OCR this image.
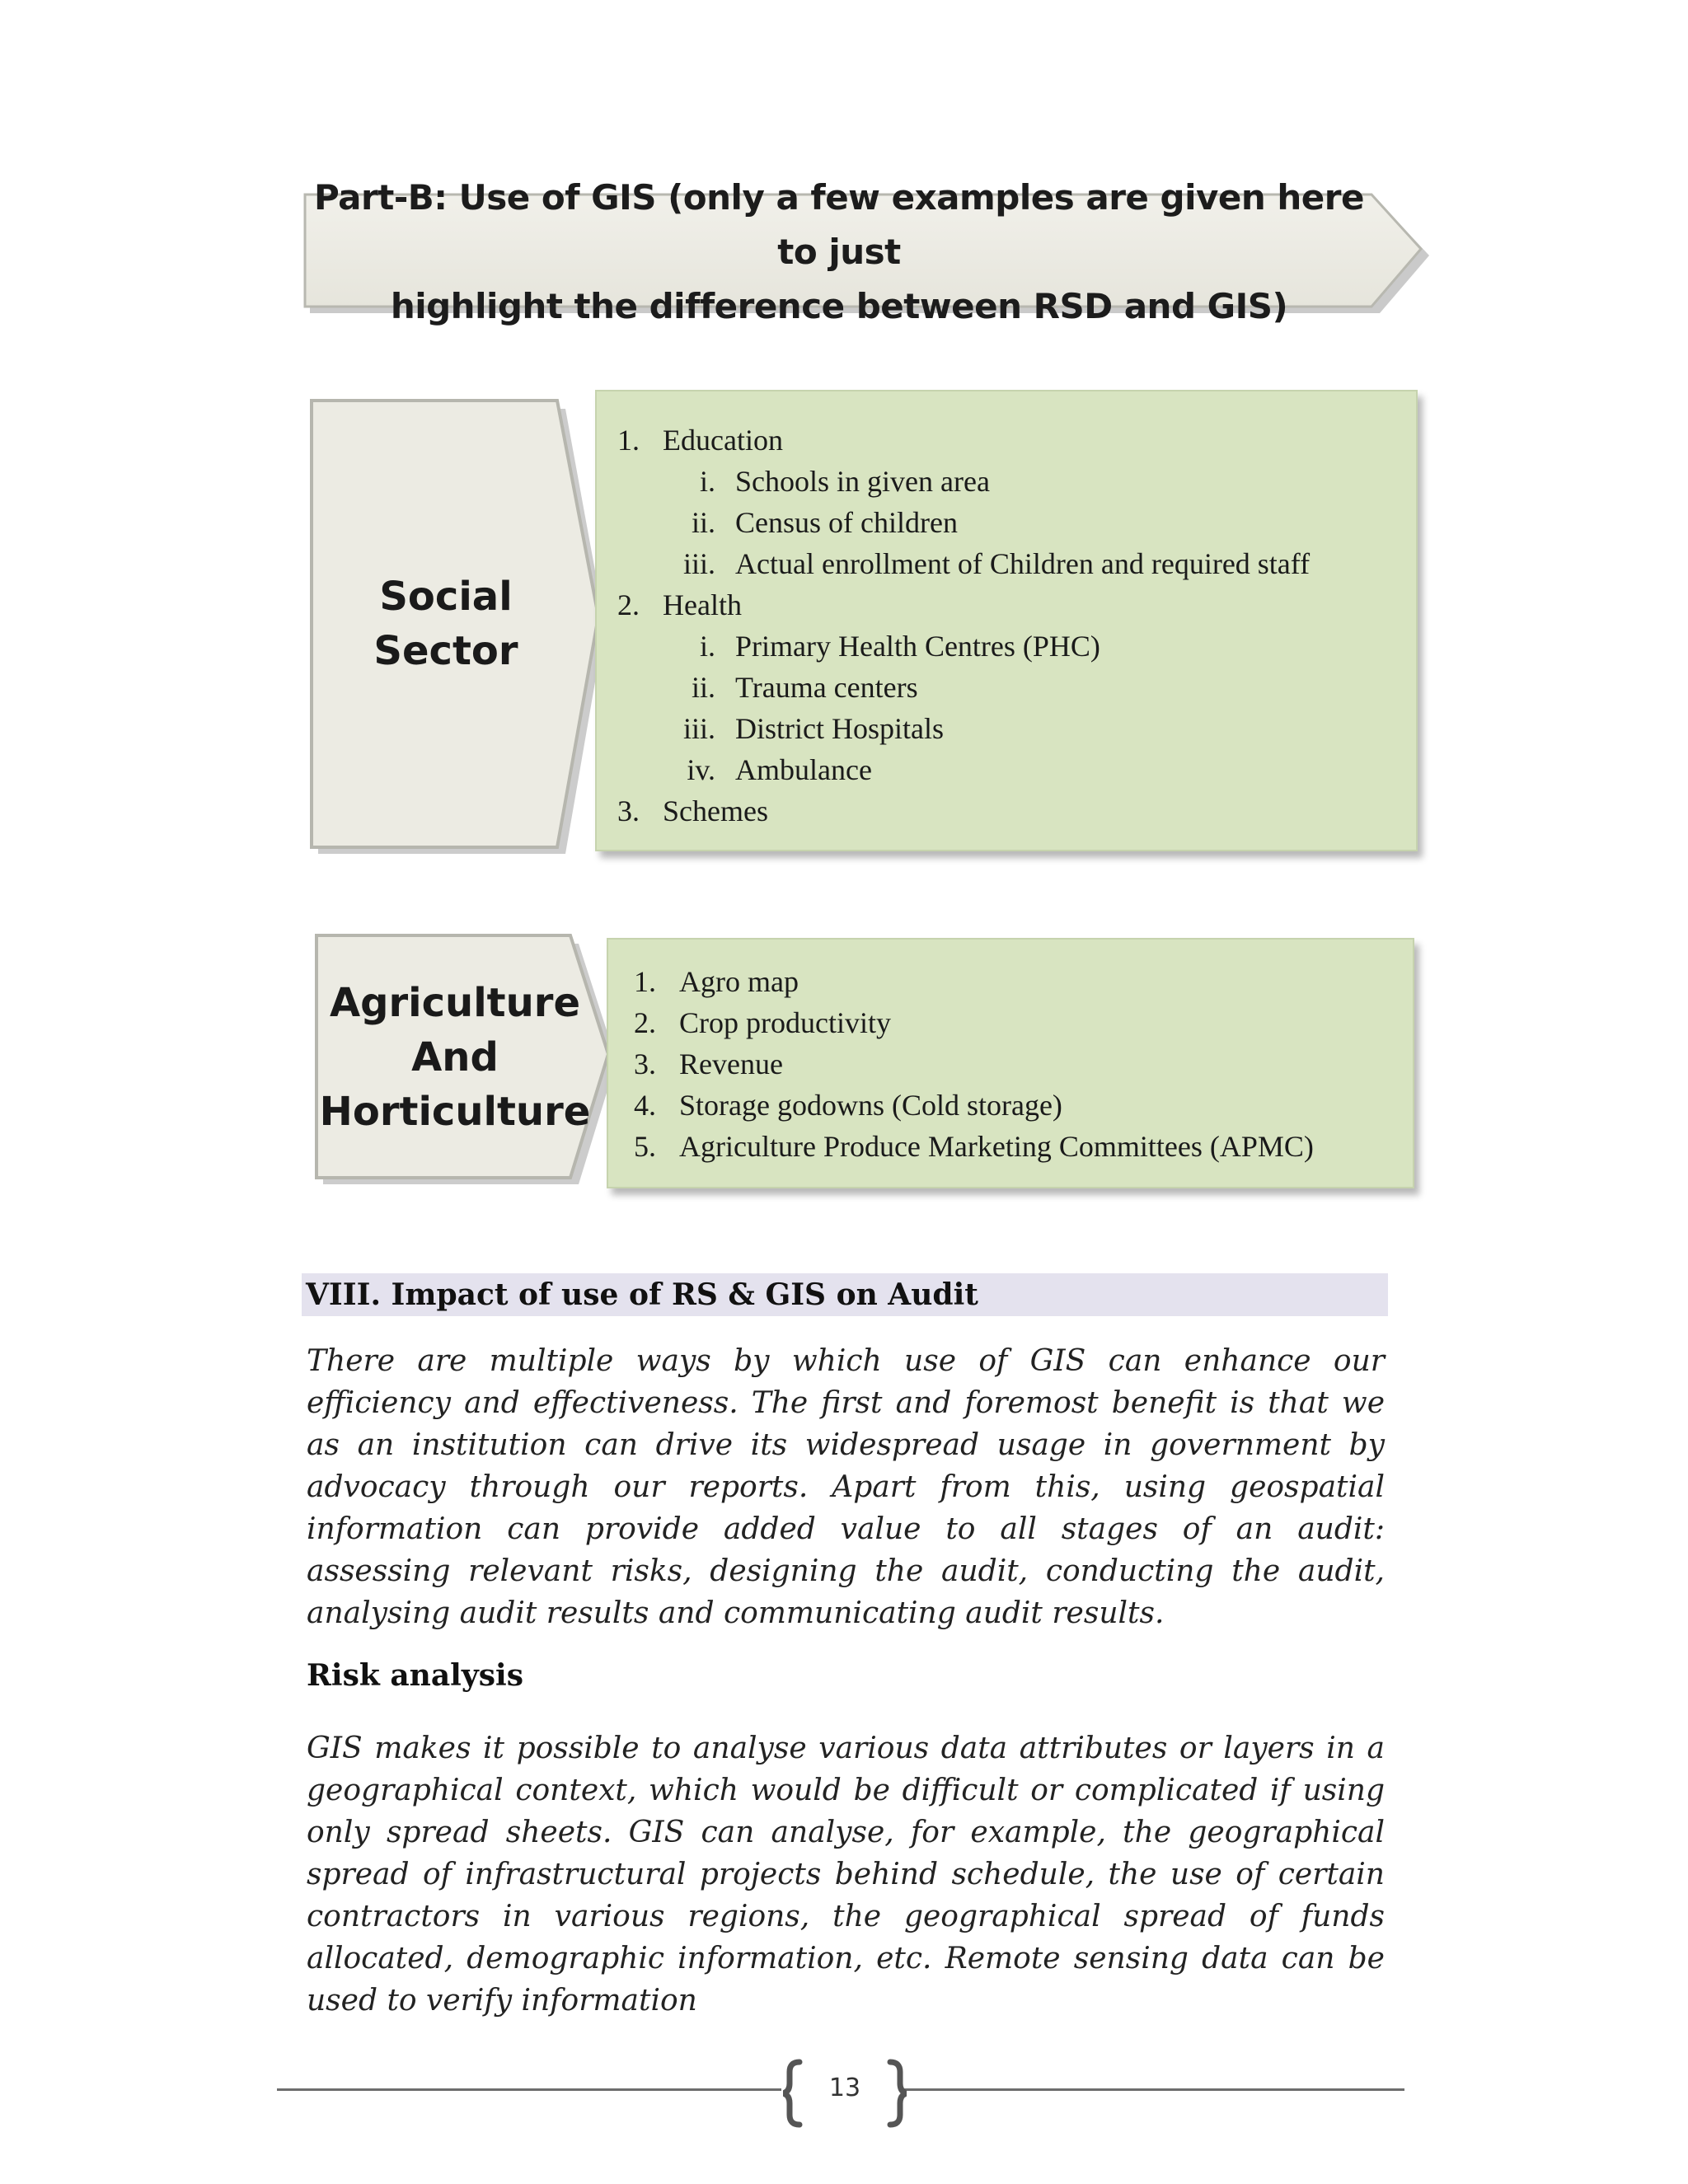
Part-B: Use of GIS (only a few examples are given here to just
highlight the difference between RSD and GIS)
Social
Sector
1. Education
i. Schools in given area
ii. Census of children
iii. Actual enrollment of Children and required staff
2. Health
i. Primary Health Centres (PHC)
ii. Trauma centers
iii. District Hospitals
iv. Ambulance
3. Schemes
Agriculture
And
Horticulture
1. Agro map
2. Crop productivity
3. Revenue
4. Storage godowns (Cold storage)
5. Agriculture Produce Marketing Committees (APMC)
VIII. Impact of use of RS & GIS on Audit
There are multiple ways by which use of GIS can enhance our efficiency and effectiveness. The first and foremost benefit is that we as an institution can drive its widespread usage in government by advocacy through our reports. Apart from this, using geospatial information can provide added value to all stages of an audit: assessing relevant risks, designing the audit, conducting the audit, analysing audit results and communicating audit results.
Risk analysis
GIS makes it possible to analyse various data attributes or layers in a geographical context, which would be difficult or complicated if using only spread sheets. GIS can analyse, for example, the geographical spread of infrastructural projects behind schedule, the use of certain contractors in various regions, the geographical spread of funds allocated, demographic information, etc. Remote sensing data can be used to verify information
13
